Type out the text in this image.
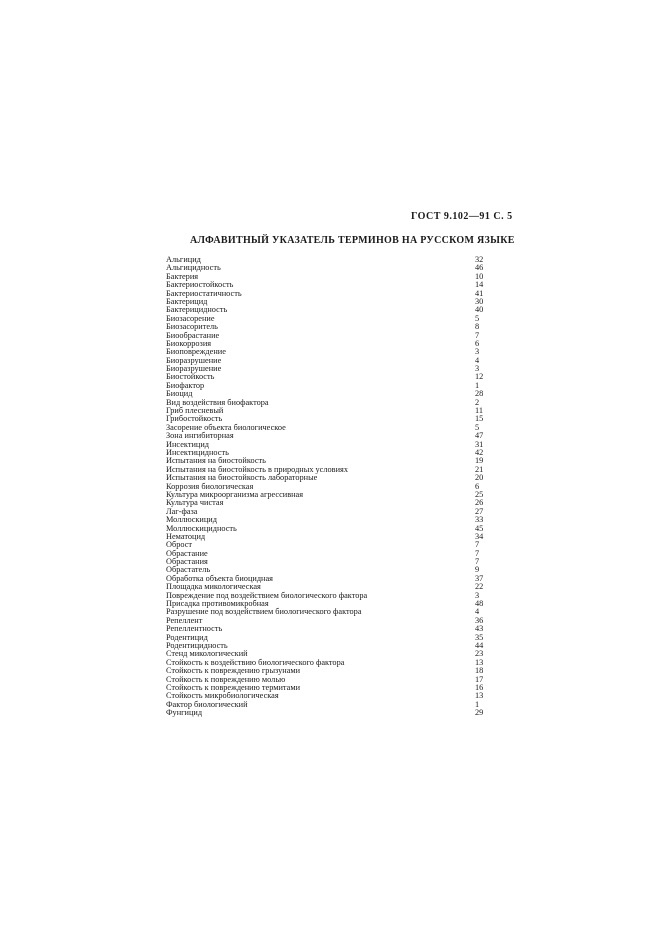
ГОСТ 9.102—91 С. 5
АЛФАВИТНЫЙ УКАЗАТЕЛЬ ТЕРМИНОВ НА РУССКОМ ЯЗЫКЕ
Альгицид	32
Альгицидность	46
Бактерия	10
Бактериостойкость	14
Бактериостатичность	41
Бактерицид	30
Бактерицидность	40
Биозасорение	5
Биозасоритель	8
Биообрастание	7
Биокоррозия	6
Биоповреждение	3
Биоразрушение	4
Биоразрушение	3
Биостойкость	12
Биофактор	1
Биоцид	28
Вид воздействия биофактора	2
Гриб плесневый	11
Грибостойкость	15
Засорение объекта биологическое	5
Зона ингибиторная	47
Инсектицид	31
Инсектицидность	42
Испытания на биостойкость	19
Испытания на биостойкость в природных условиях	21
Испытания на биостойкость лабораторные	20
Коррозия биологическая	6
Культура микроорганизма агрессивная	25
Культура чистая	26
Лаг-фаза	27
Моллюскицид	33
Моллюскицидность	45
Нематоцид	34
Оброст	7
Обрастание	7
Обрастания	7
Обрастатель	9
Обработка объекта биоцидная	37
Площадка микологическая	22
Повреждение под воздействием биологического фактора	3
Присадка противомикробная	48
Разрушение под воздействием биологического фактора	4
Репеллент	36
Репеллентность	43
Родентицид	35
Родентицидность	44
Стенд микологический	23
Стойкость к воздействию биологического фактора	13
Стойкость к повреждению грызунами	18
Стойкость к повреждению молью	17
Стойкость к повреждению термитами	16
Стойкость микробиологическая	13
Фактор биологический	1
Фунгицид	29
